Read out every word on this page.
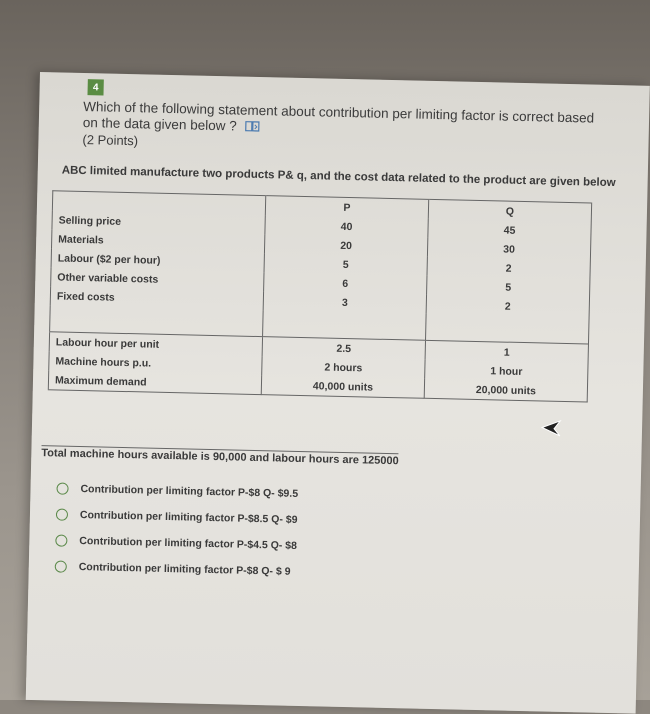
4
Which of the following statement about contribution per limiting factor is correct based on the data given below ?
(2 Points)
ABC limited manufacture two products P& q, and the cost data related to the product are given below
	P	Q
Selling price	40	45
Materials	20	30
Labour ($2 per hour)	5	2
Other variable costs	6	5
Fixed costs	3	2

Labour hour per unit	2.5	1
Machine hours p.u.	2 hours	1 hour
Maximum demand	40,000 units	20,000 units
Total machine hours available is 90,000 and labour hours are 125000
Contribution per limiting factor P-$8 Q- $9.5
Contribution per limiting factor P-$8.5 Q- $9
Contribution per limiting factor P-$4.5 Q- $8
Contribution per limiting factor P-$8 Q- $ 9
